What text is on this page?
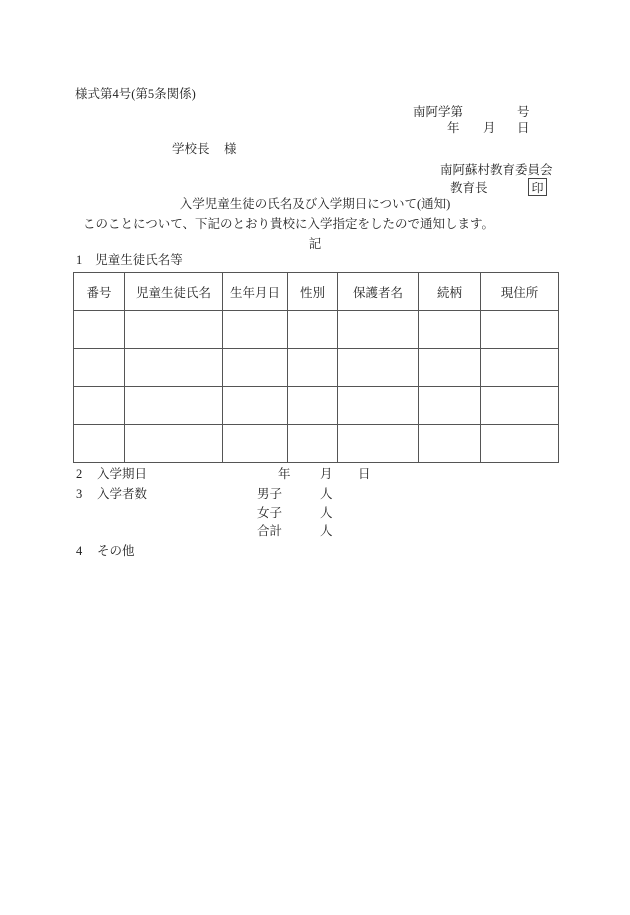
様式第4号(第5条関係)
南阿学第	号
年 月 日
学校長 様
南阿蘇村教育委員会
教育長	印
入学児童生徒の氏名及び入学期日について(通知)
このことについて、下記のとおり貴校に入学指定をしたので通知します。
記
1 児童生徒氏名等
番号	児童生徒氏名	生年月日	性別	保護者名	続柄	現住所

2 入学期日	年 月 日
3 入学者数	男子	人
女子	人
合計	人
4 その他
